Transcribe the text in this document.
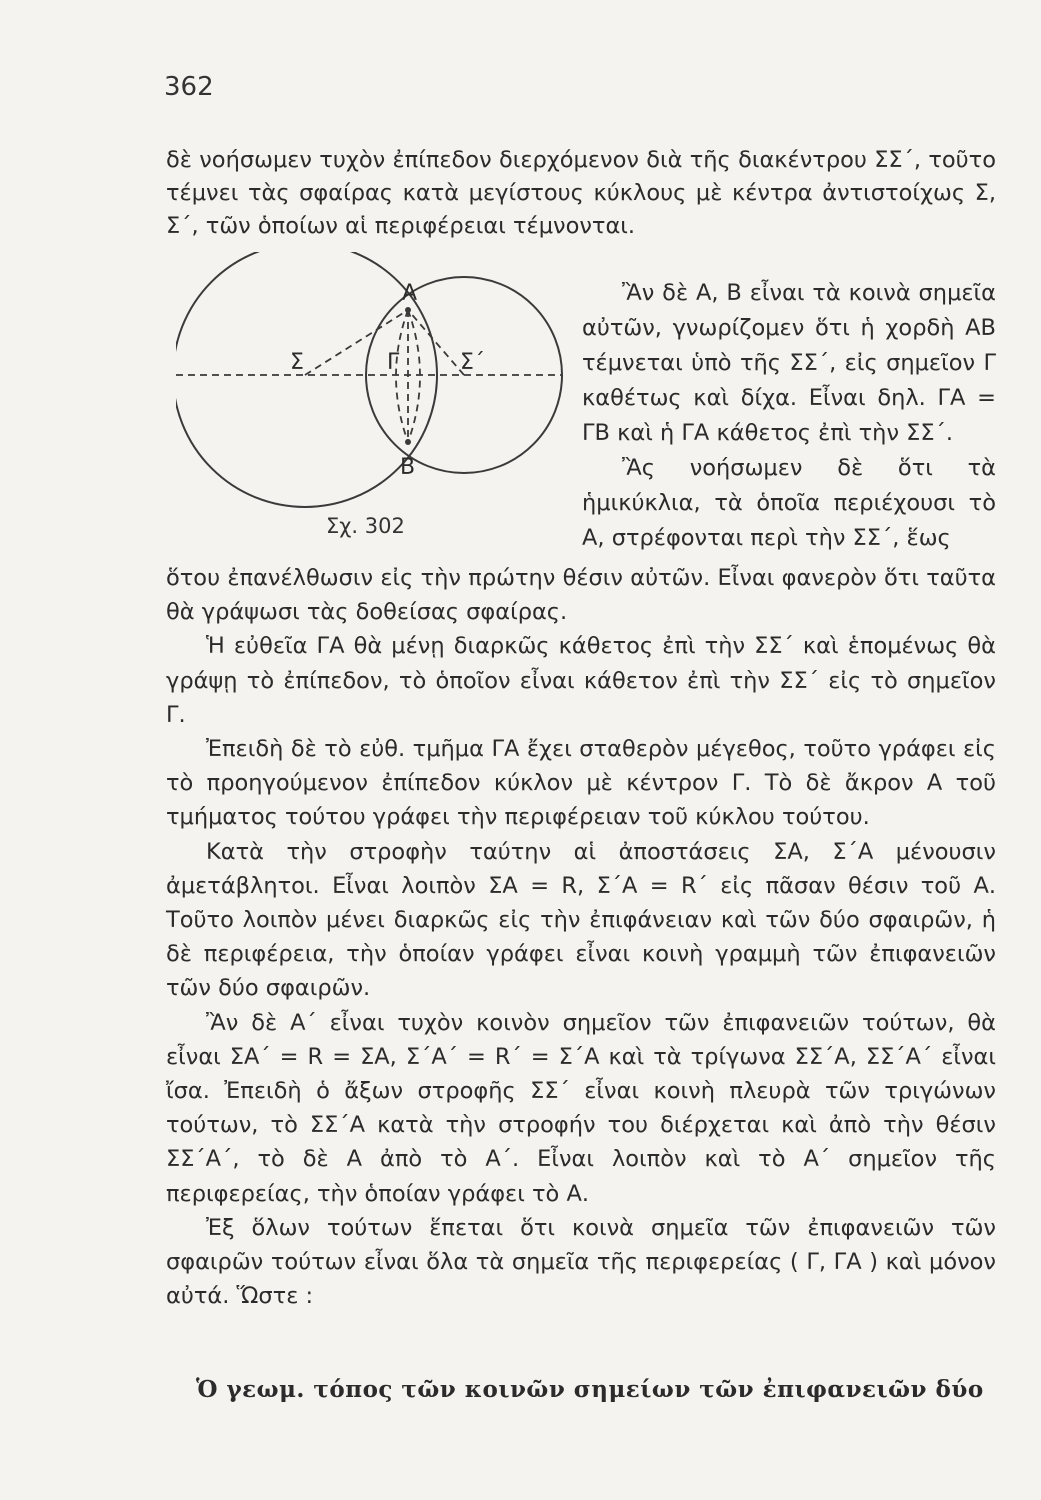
362

δὲ νοήσωμεν τυχὸν ἐπίπεδον διερχόμενον διὰ τῆς διακέντρου ΣΣ΄, τοῦτο τέμνει τὰς σφαίρας κατὰ μεγίστους κύκλους μὲ κέντρα ἀντιστοίχως Σ, Σ΄, τῶν ὁποίων αἱ περιφέρειαι τέμνονται.

Α
Β
Γ
Σ	Σ΄
Σχ. 302

Ἂν δὲ Α, Β εἶναι τὰ κοινὰ σημεῖα αὐτῶν, γνωρίζομεν ὅτι ἡ χορδὴ ΑΒ τέμνεται ὑπὸ τῆς ΣΣ΄, εἰς σημεῖον Γ καθέτως καὶ δίχα. Εἶναι δηλ. ΓΑ = ΓΒ καὶ ἡ ΓΑ κάθετος ἐπὶ τὴν ΣΣ΄.

Ἂς νοήσωμεν δὲ ὅτι τὰ ἡμικύκλια, τὰ ὁποῖα περιέχουσι τὸ Α, στρέφονται περὶ τὴν ΣΣ΄, ἕως

ὅτου ἐπανέλθωσιν εἰς τὴν πρώτην θέσιν αὐτῶν. Εἶναι φανερὸν ὅτι ταῦτα θὰ γράψωσι τὰς δοθείσας σφαίρας.

Ἡ εὐθεῖα ΓΑ θὰ μένῃ διαρκῶς κάθετος ἐπὶ τὴν ΣΣ΄ καὶ ἑπομένως θὰ γράψῃ τὸ ἐπίπεδον, τὸ ὁποῖον εἶναι κάθετον ἐπὶ τὴν ΣΣ΄ εἰς τὸ σημεῖον Γ.

Ἐπειδὴ δὲ τὸ εὐθ. τμῆμα ΓΑ ἔχει σταθερὸν μέγεθος, τοῦτο γράφει εἰς τὸ προηγούμενον ἐπίπεδον κύκλον μὲ κέντρον Γ. Τὸ δὲ ἄκρον Α τοῦ τμήματος τούτου γράφει τὴν περιφέρειαν τοῦ κύκλου τούτου.

Κατὰ τὴν στροφὴν ταύτην αἱ ἀποστάσεις ΣΑ, Σ΄Α μένουσιν ἀμετάβλητοι. Εἶναι λοιπὸν ΣΑ = R, Σ΄Α = R΄ εἰς πᾶσαν θέσιν τοῦ Α. Τοῦτο λοιπὸν μένει διαρκῶς εἰς τὴν ἐπιφάνειαν καὶ τῶν δύο σφαιρῶν, ἡ δὲ περιφέρεια, τὴν ὁποίαν γράφει εἶναι κοινὴ γραμμὴ τῶν ἐπιφανειῶν τῶν δύο σφαιρῶν.

Ἂν δὲ Α΄ εἶναι τυχὸν κοινὸν σημεῖον τῶν ἐπιφανειῶν τούτων, θὰ εἶναι ΣΑ΄ = R = ΣΑ, Σ΄Α΄ = R΄ = Σ΄Α καὶ τὰ τρίγωνα ΣΣ΄Α, ΣΣ΄Α΄ εἶναι ἴσα. Ἐπειδὴ ὁ ἄξων στροφῆς ΣΣ΄ εἶναι κοινὴ πλευρὰ τῶν τριγώνων τούτων, τὸ ΣΣ΄Α κατὰ τὴν στροφήν του διέρχεται καὶ ἀπὸ τὴν θέσιν ΣΣ΄Α΄, τὸ δὲ Α ἀπὸ τὸ Α΄. Εἶναι λοιπὸν καὶ τὸ Α΄ σημεῖον τῆς περιφερείας, τὴν ὁποίαν γράφει τὸ Α.

Ἐξ ὅλων τούτων ἕπεται ὅτι κοινὰ σημεῖα τῶν ἐπιφανειῶν τῶν σφαιρῶν τούτων εἶναι ὅλα τὰ σημεῖα τῆς περιφερείας ( Γ, ΓΑ ) καὶ μόνον αὐτά. Ὥστε :

Ὁ γεωμ. τόπος τῶν κοινῶν σημείων τῶν ἐπιφανειῶν δύο
